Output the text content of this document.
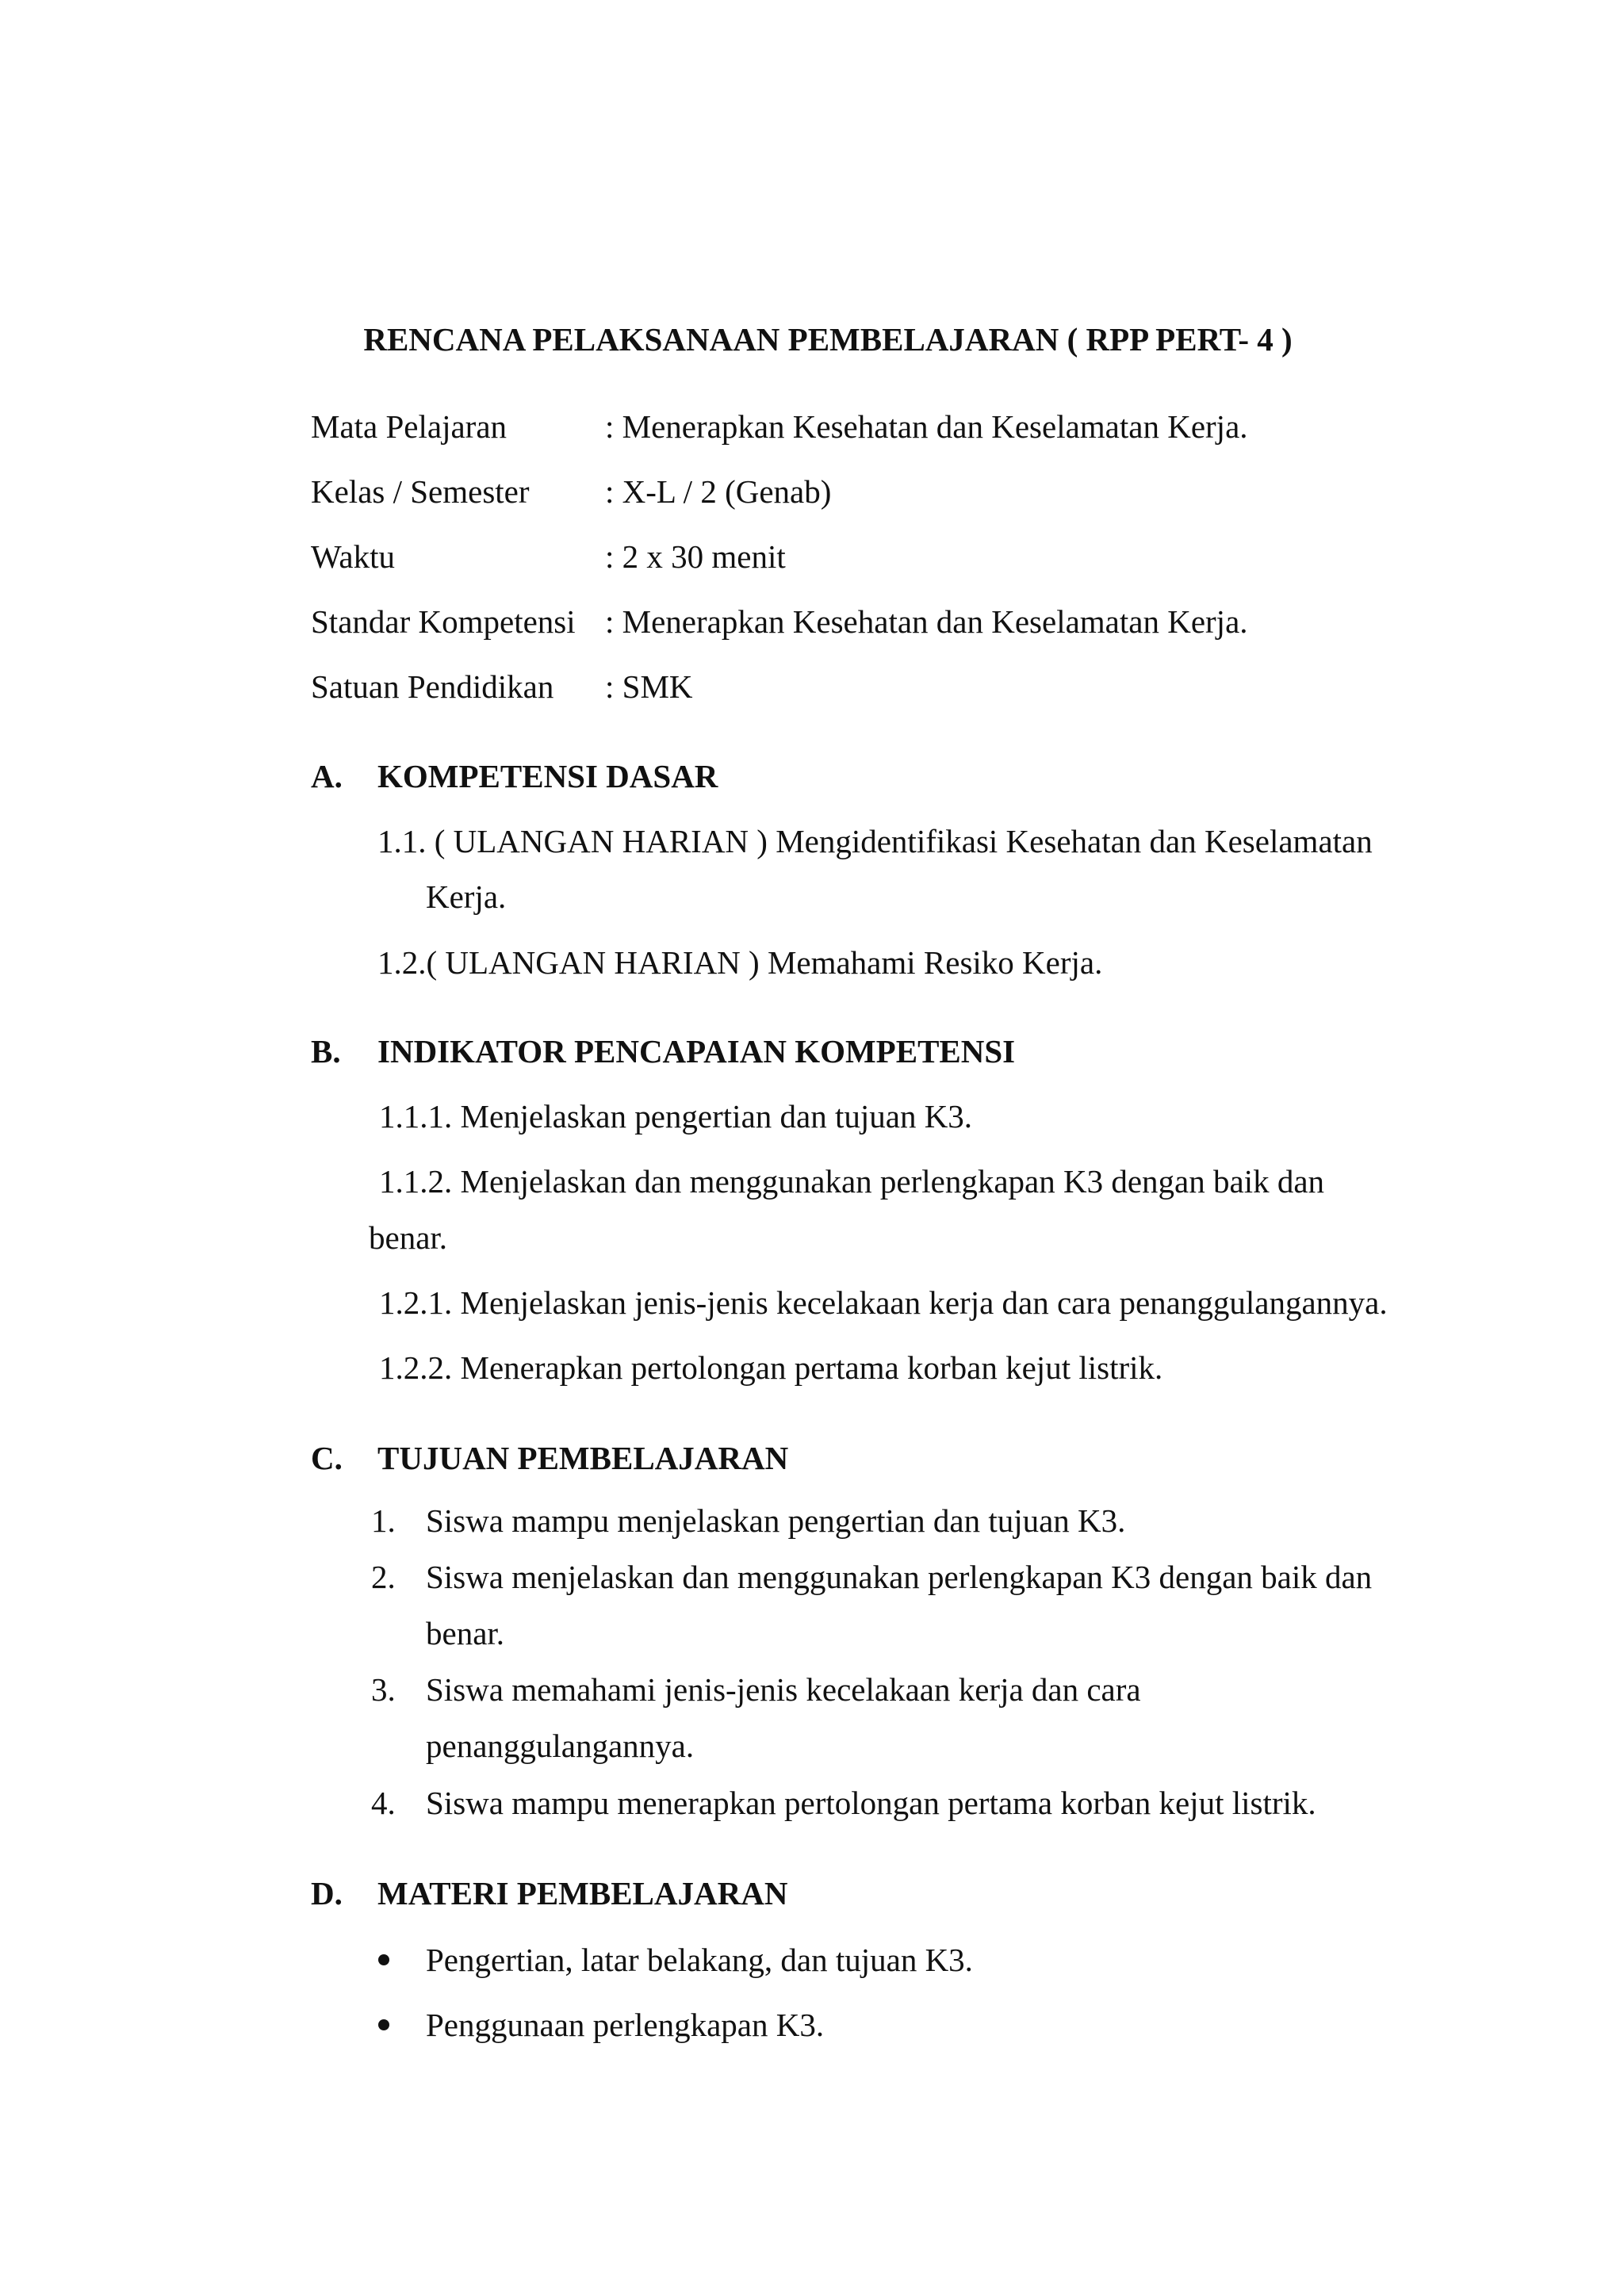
RENCANA PELAKSANAAN PEMBELAJARAN ( RPP PERT- 4 )
Mata Pelajaran	: Menerapkan Kesehatan dan Keselamatan Kerja.
Kelas / Semester : X-L / 2 (Genab)
Waktu	: 2 x 30 menit
Standar Kompetensi : Menerapkan Kesehatan dan Keselamatan Kerja.
Satuan Pendidikan : SMK
A. KOMPETENSI DASAR
1.1. ( ULANGAN HARIAN ) Mengidentifikasi Kesehatan dan Keselamatan
Kerja.
1.2.( ULANGAN HARIAN ) Memahami Resiko Kerja.
B. INDIKATOR PENCAPAIAN KOMPETENSI
1.1.1. Menjelaskan pengertian dan tujuan K3.
1.1.2. Menjelaskan dan menggunakan perlengkapan K3 dengan baik dan
benar.
1.2.1. Menjelaskan jenis-jenis kecelakaan kerja dan cara penanggulangannya.
1.2.2. Menerapkan pertolongan pertama korban kejut listrik.
C. TUJUAN PEMBELAJARAN
1. Siswa mampu menjelaskan pengertian dan tujuan K3.
2. Siswa menjelaskan dan menggunakan perlengkapan K3 dengan baik dan
benar.
3. Siswa memahami jenis-jenis kecelakaan kerja dan cara
penanggulangannya.
4. Siswa mampu menerapkan pertolongan pertama korban kejut listrik.
D. MATERI PEMBELAJARAN
Pengertian, latar belakang, dan tujuan K3.
Penggunaan perlengkapan K3.
